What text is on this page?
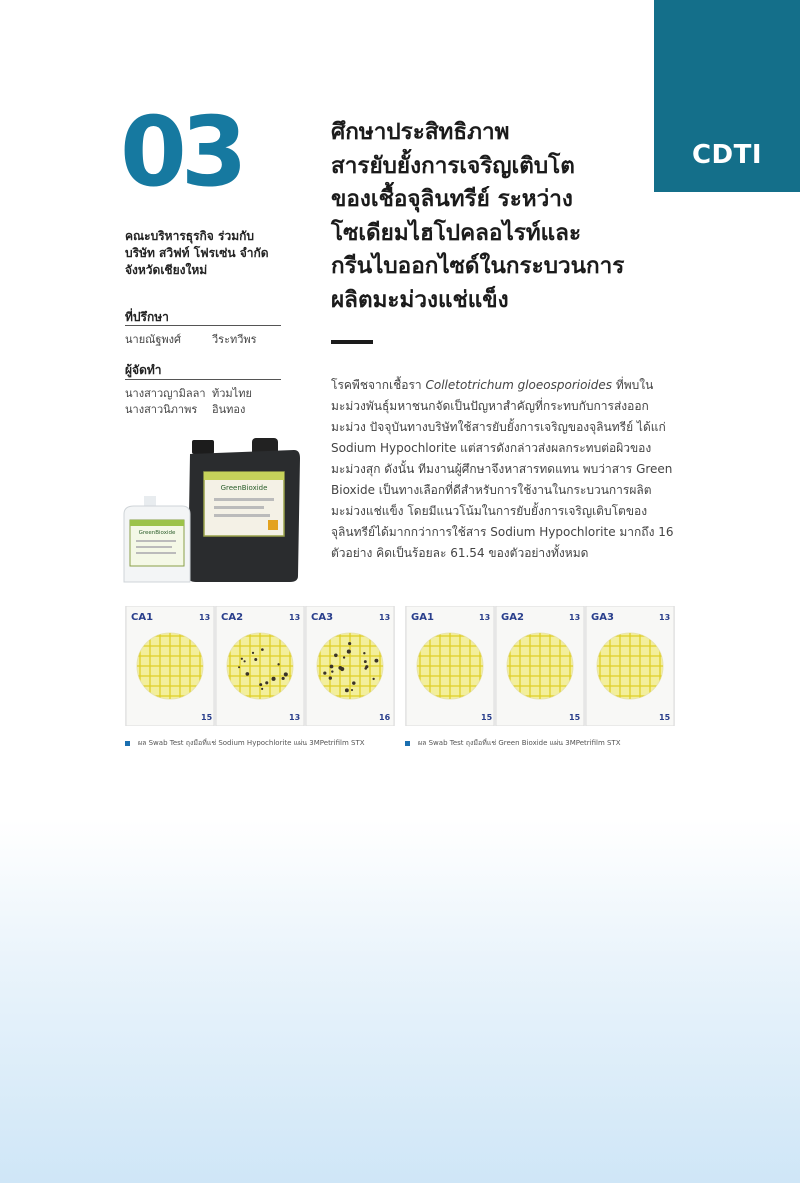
CDTI
03
คณะบริหารธุรกิจ ร่วมกับ
บริษัท สวิฟท์ โฟรเซ่น จำกัด
จังหวัดเชียงใหม่
ที่ปรึกษา
นายณัฐพงศ์	วีระทวีพร
ผู้จัดทำ
นางสาวญามิลลา ท้วมไทย
นางสาวนิภาพร อินทอง
ศึกษาประสิทธิภาพ
สารยับยั้งการเจริญเติบโต
ของเชื้อจุลินทรีย์ ระหว่าง
โซเดียมไฮโปคลอไรท์และ
กรีนไบออกไซด์ในกระบวนการ
ผลิตมะม่วงแช่แข็ง
โรคพืชจากเชื้อรา Colletotrichum gloeosporioides ที่พบในมะม่วงพันธุ์มหาชนกจัดเป็นปัญหาสำคัญที่กระทบกับการส่งออกมะม่วง ปัจจุบันทางบริษัทใช้สารยับยั้งการเจริญของจุลินทรีย์ ได้แก่ Sodium Hypochlorite แต่สารดังกล่าวส่งผลกระทบต่อผิวของมะม่วงสุก ดังนั้น ทีมงานผู้ศึกษาจึงหาสารทดแทน พบว่าสาร Green Bioxide เป็นทางเลือกที่ดีสำหรับการใช้งานในกระบวนการผลิตมะม่วงแช่แข็ง โดยมีแนวโน้มในการยับยั้งการเจริญเติบโตของจุลินทรีย์ได้มากกว่าการใช้สาร Sodium Hypochlorite มากถึง 16 ตัวอย่าง คิดเป็นร้อยละ 61.54 ของตัวอย่างทั้งหมด
GreenBioxide
GreenBioxide
CA1	13
15
CA2	13
13
CA3	13
16
GA1	13
15
GA2	13
15
GA3	13
15
ผล Swab Test ถุงมือที่แช่ Sodium Hypochlorite แผ่น 3MPetrifilm STX	ผล Swab Test ถุงมือที่แช่ Green Bioxide แผ่น 3MPetrifilm STX
